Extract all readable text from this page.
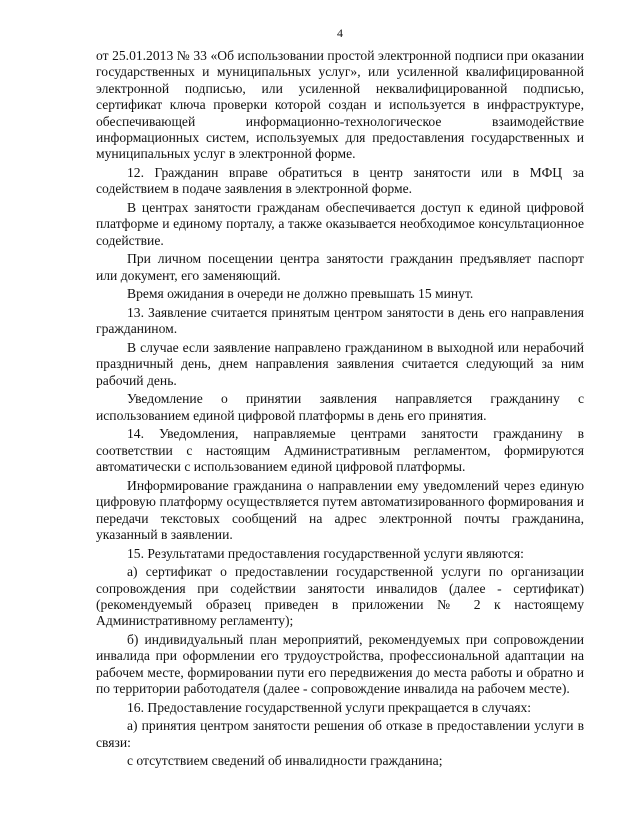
4

от 25.01.2013 № 33 «Об использовании простой электронной подписи при оказании государственных и муниципальных услуг», или усиленной квалифицированной электронной подписью, или усиленной неквалифицированной подписью, сертификат ключа проверки которой создан и используется в инфраструктуре, обеспечивающей информационно-технологическое взаимодействие информационных систем, используемых для предоставления государственных и муниципальных услуг в электронной форме.

12. Гражданин вправе обратиться в центр занятости или в МФЦ за содействием в подаче заявления в электронной форме.

В центрах занятости гражданам обеспечивается доступ к единой цифровой платформе и единому порталу, а также оказывается необходимое консультационное содействие.

При личном посещении центра занятости гражданин предъявляет паспорт или документ, его заменяющий.

Время ожидания в очереди не должно превышать 15 минут.

13. Заявление считается принятым центром занятости в день его направления гражданином.

В случае если заявление направлено гражданином в выходной или нерабочий праздничный день, днем направления заявления считается следующий за ним рабочий день.

Уведомление о принятии заявления направляется гражданину с использованием единой цифровой платформы в день его принятия.

14. Уведомления, направляемые центрами занятости гражданину в соответствии с настоящим Административным регламентом, формируются автоматически с использованием единой цифровой платформы.

Информирование гражданина о направлении ему уведомлений через единую цифровую платформу осуществляется путем автоматизированного формирования и передачи текстовых сообщений на адрес электронной почты гражданина, указанный в заявлении.

15. Результатами предоставления государственной услуги являются:

а) сертификат о предоставлении государственной услуги по организации сопровождения при содействии занятости инвалидов (далее - сертификат) (рекомендуемый образец приведен в приложении № 2 к настоящему Административному регламенту);

б) индивидуальный план мероприятий, рекомендуемых при сопровождении инвалида при оформлении его трудоустройства, профессиональной адаптации на рабочем месте, формировании пути его передвижения до места работы и обратно и по территории работодателя (далее - сопровождение инвалида на рабочем месте).

16. Предоставление государственной услуги прекращается в случаях:

а) принятия центром занятости решения об отказе в предоставлении услуги в связи:

с отсутствием сведений об инвалидности гражданина;
